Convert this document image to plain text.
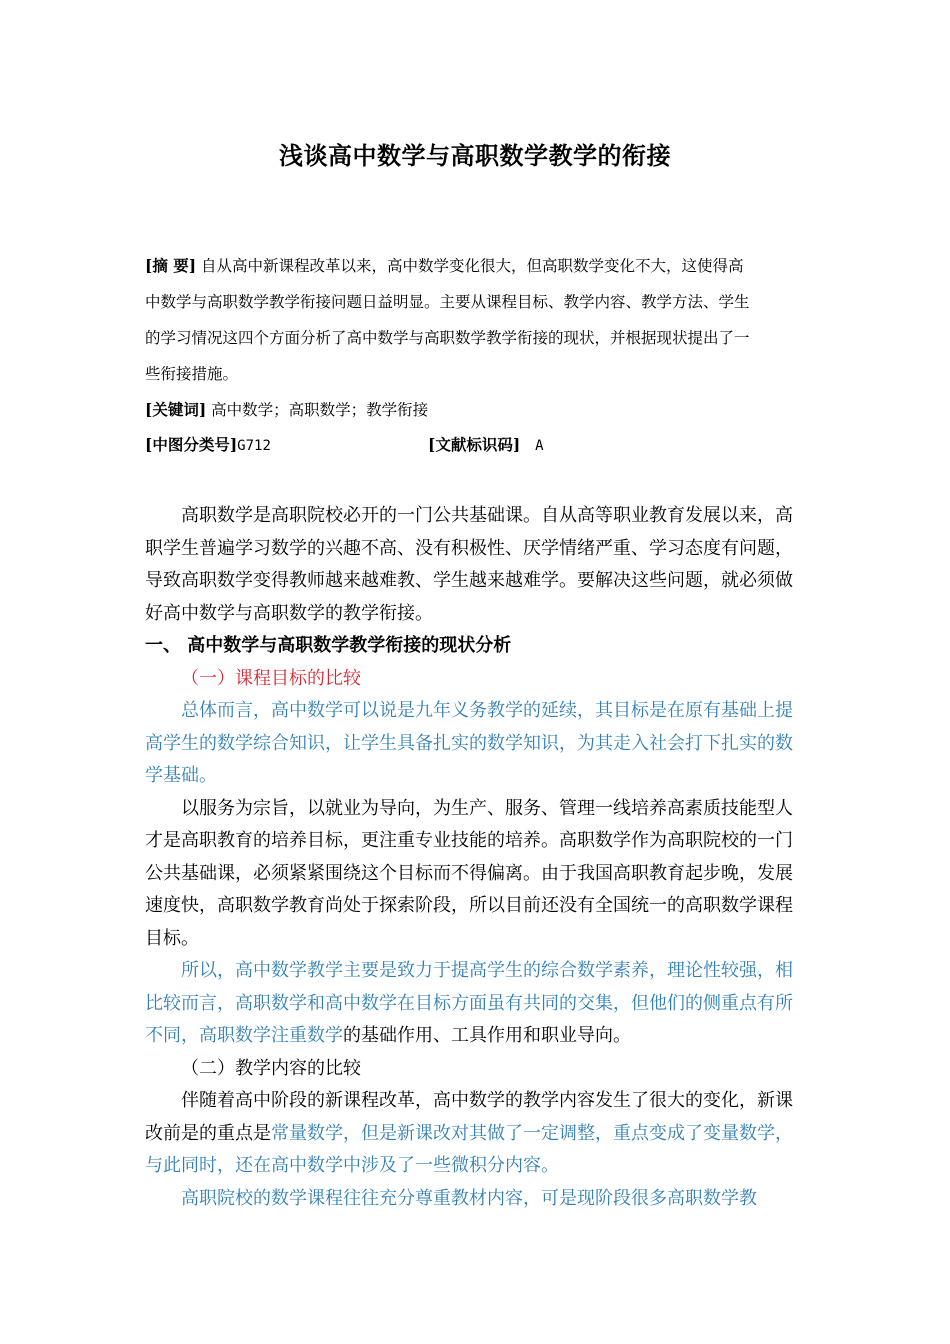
浅谈高中数学与高职数学教学的衔接
[摘 要] 自从高中新课程改革以来，高中数学变化很大，但高职数学变化不大，这使得高
中数学与高职数学教学衔接问题日益明显。主要从课程目标、教学内容、教学方法、学生
的学习情况这四个方面分析了高中数学与高职数学教学衔接的现状，并根据现状提出了一
些衔接措施。
[关键词] 高中数学；高职数学；教学衔接
[中图分类号]G712	[文献标识码] A

高职数学是高职院校必开的一门公共基础课。自从高等职业教育发展以来，高职学生普遍学习数学的兴趣不高、没有积极性、厌学情绪严重、学习态度有问题，导致高职数学变得教师越来越难教、学生越来越难学。要解决这些问题，就必须做好高中数学与高职数学的教学衔接。

一、 高中数学与高职数学教学衔接的现状分析

（一）课程目标的比较

总体而言，高中数学可以说是九年义务教学的延续，其目标是在原有基础上提高学生的数学综合知识，让学生具备扎实的数学知识，为其走入社会打下扎实的数学基础。

以服务为宗旨，以就业为导向，为生产、服务、管理一线培养高素质技能型人才是高职教育的培养目标，更注重专业技能的培养。高职数学作为高职院校的一门公共基础课，必须紧紧围绕这个目标而不得偏离。由于我国高职教育起步晚，发展速度快，高职数学教育尚处于探索阶段，所以目前还没有全国统一的高职数学课程目标。

所以，高中数学教学主要是致力于提高学生的综合数学素养，理论性较强，相比较而言，高职数学和高中数学在目标方面虽有共同的交集，但他们的侧重点有所不同，高职数学注重数学的基础作用、工具作用和职业导向。

（二）教学内容的比较

伴随着高中阶段的新课程改革，高中数学的教学内容发生了很大的变化，新课改前是的重点是常量数学，但是新课改对其做了一定调整，重点变成了变量数学，与此同时，还在高中数学中涉及了一些微积分内容。

高职院校的数学课程往往充分尊重教材内容，可是现阶段很多高职数学教
